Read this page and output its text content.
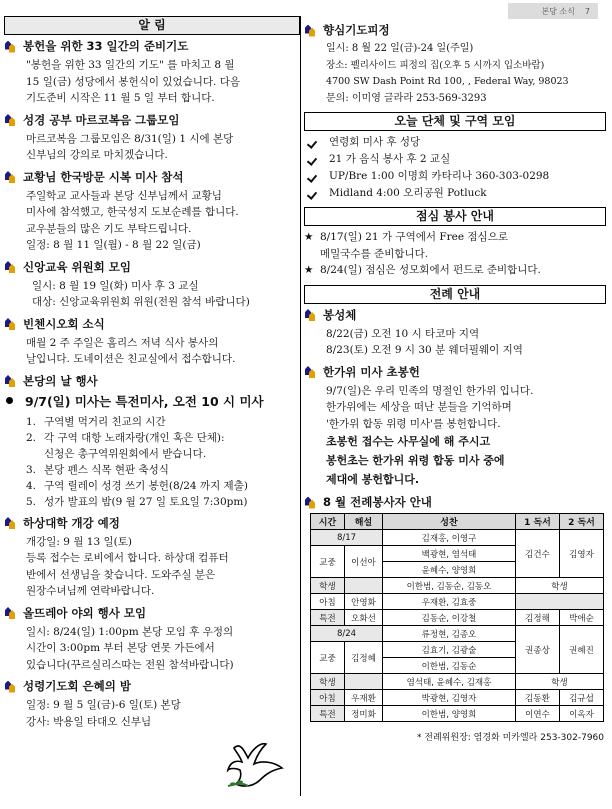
본당 소식 7
알 림
봉헌을 위한 33 일간의 준비기도
"봉헌을 위한 33 일간의 기도" 를 마치고 8 월
15 일(금) 성당에서 봉헌식이 있었습니다. 다음
기도준비 시작은 11 월 5 일 부터 합니다.
성경 공부 마르코복음 그룹모임
마르코복음 그룹모임은 8/31(일) 1 시에 본당
신부님의 강의로 마치겠습니다.
교황님 한국방문 시복 미사 참석
주일학교 교사들과 본당 신부님께서 교황님
미사에 참석했고, 한국성지 도보순례를 합니다.
교우분들의 많은 기도 부탁드립니다.
일정: 8 월 11 일(월) - 8 월 22 일(금)
신앙교육 위원회 모임
일시: 8 월 19 일(화) 미사 후 3 교실
대상: 신앙교육위원회 위원(전원 참석 바랍니다)
빈첸시오회 소식
매월 2 주 주일은 홈리스 저녁 식사 봉사의
날입니다. 도네이션은 친교실에서 접수합니다.
본당의 날 행사
9/7(일) 미사는 특전미사, 오전 10 시 미사
1. 구역별 먹거리 친교의 시간
2. 각 구역 대항 노래자랑(개인 혹은 단체):
신청은 총구역위원회에서 받습니다.
3. 본당 펜스 식목 현판 축성식
4. 구역 릴레이 성경 쓰기 봉헌(8/24 까지 제출)
5. 성가 발표의 밤(9 월 27 일 토요일 7:30pm)
하상대학 개강 예정
개강일: 9 월 13 일(토)
등록 접수는 로비에서 합니다. 하상대 컴퓨터
반에서 선생님을 찾습니다. 도와주실 분은
원장수녀님께 연락바랍니다.
올뜨레아 야외 행사 모임
일시: 8/24(일) 1:00pm 본당 모임 후 우정의
시간이 3:00pm 부터 본당 연못 가든에서
있습니다(꾸르실리스따는 전원 참석바랍니다)
성령기도회 은혜의 밤
일정: 9 월 5 일(금)-6 일(토) 본당
강사: 박용일 타대오 신부님
향심기도피정
일시: 8 월 22 일(금)-24 일(주일)
장소: 펠리사이드 피정의 집(오후 5 시까지 입소바람)
4700 SW Dash Point Rd 100, , Federal Way, 98023
문의: 이미영 글라라 253-569-3293
오늘 단체 및 구역 모임
연령회 미사 후 성당
21 가 음식 봉사 후 2 교실
UP/Bre 1:00 이명희 카타리나 360-303-0298
Midland 4:00 오리공원 Potluck
점심 봉사 안내
★ 8/17(일) 21 가 구역에서 Free 점심으로
메밀국수를 준비합니다.
★ 8/24(일) 점심은 성모회에서 펀드로 준비합니다.
전례 안내
봉성체
8/22(금) 오전 10 시 타코마 지역
8/23(토) 오전 9 시 30 분 웨더필웨이 지역
한가위 미사 초봉헌
9/7(일)은 우리 민족의 명절인 한가위 입니다.
한가위에는 세상을 떠난 분들을 기억하며
'한가위 합동 위령 미사'를 봉헌합니다.
초봉헌 접수는 사무실에 해 주시고
봉헌초는 한가위 위령 합동 미사 중에
제대에 봉헌합니다.
8 월 전례봉사자 안내
시간	해설	성찬	1 독서	2 독서
8/17		김재홍, 이영구	김건수	김영자
교중	이선아	백광현, 염석태		
		윤혜수, 양영희		
학생		이한범, 김동순, 김동오	학생	
아침	안영화	우재환, 김효중		
특전	오화선	김동순, 이강철	김정해	박애순
8/24		류정현, 김종오	권종상	권혜진
교중	김정혜	김효기, 김광술		
		이한범, 김동순		
학생		염석태, 윤혜수, 김재홍	학생	
아침	우재환	박광현, 김영자	김동환	김규섭
특전	정미화	이한범, 양영희	이연수	이옥자
* 전례위원장: 염경화 미카엘라 253-302-7960
